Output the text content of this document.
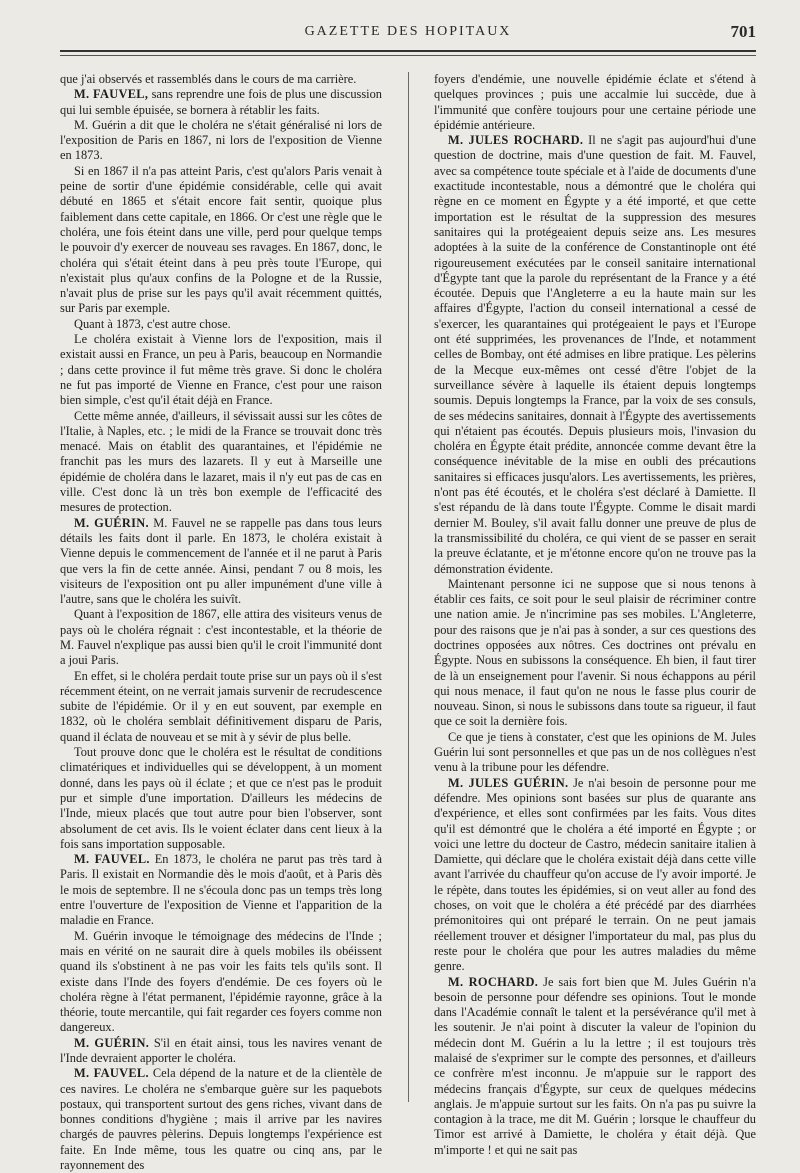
GAZETTE DES HOPITAUX	701

que j'ai observés et rassemblés dans le cours de ma carrière.

M. FAUVEL, sans reprendre une fois de plus une discussion qui lui semble épuisée, se bornera à rétablir les faits.

M. Guérin a dit que le choléra ne s'était généralisé ni lors de l'exposition de Paris en 1867, ni lors de l'exposition de Vienne en 1873.

Si en 1867 il n'a pas atteint Paris, c'est qu'alors Paris venait à peine de sortir d'une épidémie considérable, celle qui avait débuté en 1865 et s'était encore fait sentir, quoique plus faiblement dans cette capitale, en 1866. Or c'est une règle que le choléra, une fois éteint dans une ville, perd pour quelque temps le pouvoir d'y exercer de nouveau ses ravages. En 1867, donc, le choléra qui s'était éteint dans à peu près toute l'Europe, qui n'existait plus qu'aux confins de la Pologne et de la Russie, n'avait plus de prise sur les pays qu'il avait récemment quittés, sur Paris par exemple.

Quant à 1873, c'est autre chose.

Le choléra existait à Vienne lors de l'exposition, mais il existait aussi en France, un peu à Paris, beaucoup en Normandie ; dans cette province il fut même très grave. Si donc le choléra ne fut pas importé de Vienne en France, c'est pour une raison bien simple, c'est qu'il était déjà en France.

Cette même année, d'ailleurs, il sévissait aussi sur les côtes de l'Italie, à Naples, etc. ; le midi de la France se trouvait donc très menacé. Mais on établit des quarantaines, et l'épidémie ne franchit pas les murs des lazarets. Il y eut à Marseille une épidémie de choléra dans le lazaret, mais il n'y eut pas de cas en ville. C'est donc là un très bon exemple de l'efficacité des mesures de protection.

M. GUÉRIN. M. Fauvel ne se rappelle pas dans tous leurs détails les faits dont il parle. En 1873, le choléra existait à Vienne depuis le commencement de l'année et il ne parut à Paris que vers la fin de cette année. Ainsi, pendant 7 ou 8 mois, les visiteurs de l'exposition ont pu aller impunément d'une ville à l'autre, sans que le choléra les suivît.

Quant à l'exposition de 1867, elle attira des visiteurs venus de pays où le choléra régnait : c'est incontestable, et la théorie de M. Fauvel n'explique pas aussi bien qu'il le croit l'immunité dont a joui Paris.

En effet, si le choléra perdait toute prise sur un pays où il s'est récemment éteint, on ne verrait jamais survenir de recrudescence subite de l'épidémie. Or il y en eut souvent, par exemple en 1832, où le choléra semblait définitivement disparu de Paris, quand il éclata de nouveau et se mit à y sévir de plus belle.

Tout prouve donc que le choléra est le résultat de conditions climatériques et individuelles qui se développent, à un moment donné, dans les pays où il éclate ; et que ce n'est pas le produit pur et simple d'une importation. D'ailleurs les médecins de l'Inde, mieux placés que tout autre pour bien l'observer, sont absolument de cet avis. Ils le voient éclater dans cent lieux à la fois sans importation supposable.

M. FAUVEL. En 1873, le choléra ne parut pas très tard à Paris. Il existait en Normandie dès le mois d'août, et à Paris dès le mois de septembre. Il ne s'écoula donc pas un temps très long entre l'ouverture de l'exposition de Vienne et l'apparition de la maladie en France.

M. Guérin invoque le témoignage des médecins de l'Inde ; mais en vérité on ne saurait dire à quels mobiles ils obéissent quand ils s'obstinent à ne pas voir les faits tels qu'ils sont. Il existe dans l'Inde des foyers d'endémie. De ces foyers où le choléra règne à l'état permanent, l'épidémie rayonne, grâce à la théorie, toute mercantile, qui fait regarder ces foyers comme non dangereux.

M. GUÉRIN. S'il en était ainsi, tous les navires venant de l'Inde devraient apporter le choléra.

M. FAUVEL. Cela dépend de la nature et de la clientèle de ces navires. Le choléra ne s'embarque guère sur les paquebots postaux, qui transportent surtout des gens riches, vivant dans de bonnes conditions d'hygiène ; mais il arrive par les navires chargés de pauvres pèlerins. Depuis longtemps l'expérience est faite. En Inde même, tous les quatre ou cinq ans, par le rayonnement des

foyers d'endémie, une nouvelle épidémie éclate et s'étend à quelques provinces ; puis une accalmie lui succède, due à l'immunité que confère toujours pour une certaine période une épidémie antérieure.

M. JULES ROCHARD. Il ne s'agit pas aujourd'hui d'une question de doctrine, mais d'une question de fait. M. Fauvel, avec sa compétence toute spéciale et à l'aide de documents d'une exactitude incontestable, nous a démontré que le choléra qui règne en ce moment en Égypte y a été importé, et que cette importation est le résultat de la suppression des mesures sanitaires qui la protégeaient depuis seize ans. Les mesures adoptées à la suite de la conférence de Constantinople ont été rigoureusement exécutées par le conseil sanitaire international d'Égypte tant que la parole du représentant de la France y a été écoutée. Depuis que l'Angleterre a eu la haute main sur les affaires d'Égypte, l'action du conseil international a cessé de s'exercer, les quarantaines qui protégeaient le pays et l'Europe ont été supprimées, les provenances de l'Inde, et notamment celles de Bombay, ont été admises en libre pratique. Les pèlerins de la Mecque eux-mêmes ont cessé d'être l'objet de la surveillance sévère à laquelle ils étaient depuis longtemps soumis. Depuis longtemps la France, par la voix de ses consuls, de ses médecins sanitaires, donnait à l'Égypte des avertissements qui n'étaient pas écoutés. Depuis plusieurs mois, l'invasion du choléra en Égypte était prédite, annoncée comme devant être la conséquence inévitable de la mise en oubli des précautions sanitaires si efficaces jusqu'alors. Les avertissements, les prières, n'ont pas été écoutés, et le choléra s'est déclaré à Damiette. Il s'est répandu de là dans toute l'Égypte. Comme le disait mardi dernier M. Bouley, s'il avait fallu donner une preuve de plus de la transmissibilité du choléra, ce qui vient de se passer en serait la preuve éclatante, et je m'étonne encore qu'on ne trouve pas la démonstration évidente.

Maintenant personne ici ne suppose que si nous tenons à établir ces faits, ce soit pour le seul plaisir de récriminer contre une nation amie. Je n'incrimine pas ses mobiles. L'Angleterre, pour des raisons que je n'ai pas à sonder, a sur ces questions des doctrines opposées aux nôtres. Ces doctrines ont prévalu en Égypte. Nous en subissons la conséquence. Eh bien, il faut tirer de là un enseignement pour l'avenir. Si nous échappons au péril qui nous menace, il faut qu'on ne nous le fasse plus courir de nouveau. Sinon, si nous le subissons dans toute sa rigueur, il faut que ce soit la dernière fois.

Ce que je tiens à constater, c'est que les opinions de M. Jules Guérin lui sont personnelles et que pas un de nos collègues n'est venu à la tribune pour les défendre.

M. JULES GUÉRIN. Je n'ai besoin de personne pour me défendre. Mes opinions sont basées sur plus de quarante ans d'expérience, et elles sont confirmées par les faits. Vous dites qu'il est démontré que le choléra a été importé en Égypte ; or voici une lettre du docteur de Castro, médecin sanitaire italien à Damiette, qui déclare que le choléra existait déjà dans cette ville avant l'arrivée du chauffeur qu'on accuse de l'y avoir importé. Je le répète, dans toutes les épidémies, si on veut aller au fond des choses, on voit que le choléra a été précédé par des diarrhées prémonitoires qui ont préparé le terrain. On ne peut jamais réellement trouver et désigner l'importateur du mal, pas plus du reste pour le choléra que pour les autres maladies du même genre.

M. ROCHARD. Je sais fort bien que M. Jules Guérin n'a besoin de personne pour défendre ses opinions. Tout le monde dans l'Académie connaît le talent et la persévérance qu'il met à les soutenir. Je n'ai point à discuter la valeur de l'opinion du médecin dont M. Guérin a lu la lettre ; il est toujours très malaisé de s'exprimer sur le compte des personnes, et d'ailleurs ce confrère m'est inconnu. Je m'appuie sur le rapport des médecins français d'Égypte, sur ceux de quelques médecins anglais. Je m'appuie surtout sur les faits. On n'a pas pu suivre la contagion à la trace, me dit M. Guérin ; lorsque le chauffeur du Timor est arrivé à Damiette, le choléra y était déjà. Que m'importe ! et qui ne sait pas
